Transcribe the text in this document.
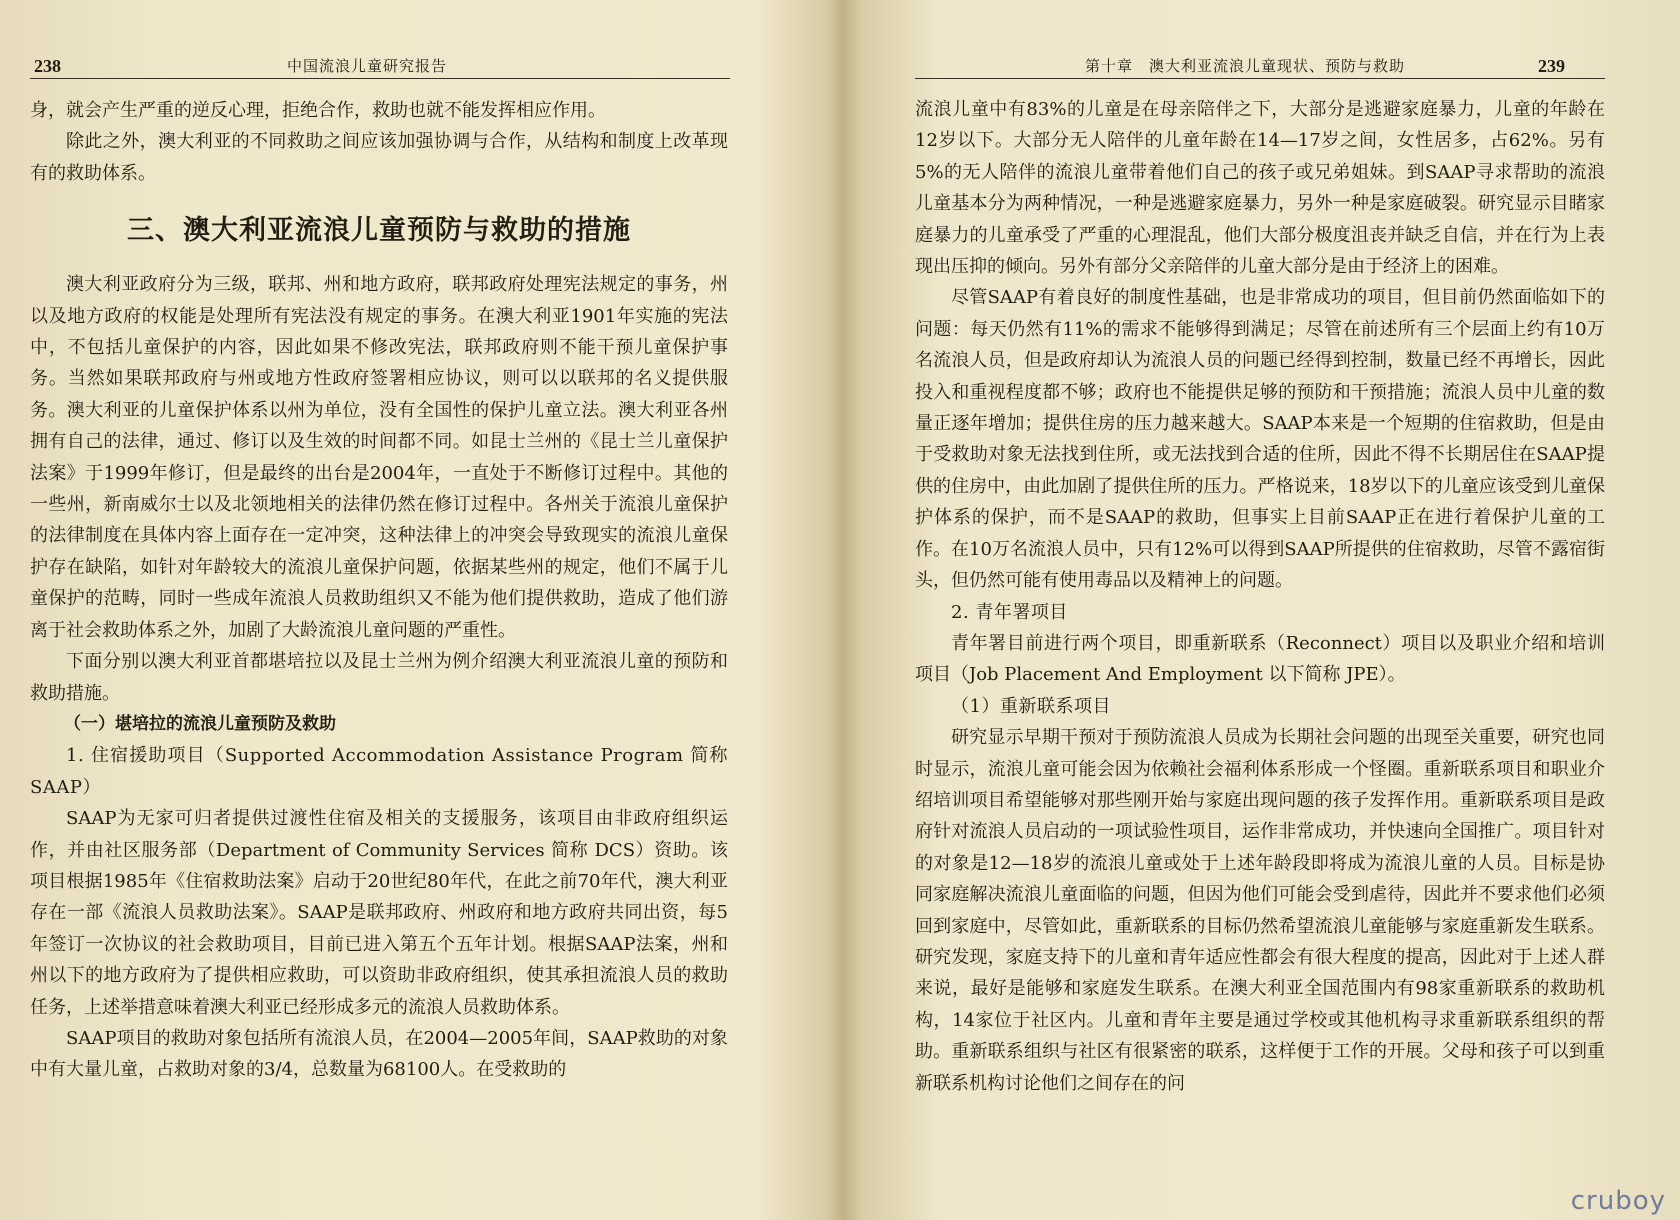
238	中国流浪儿童研究报告

身，就会产生严重的逆反心理，拒绝合作，救助也就不能发挥相应作用。

除此之外，澳大利亚的不同救助之间应该加强协调与合作，从结构和制度上改革现有的救助体系。

三、澳大利亚流浪儿童预防与救助的措施

澳大利亚政府分为三级，联邦、州和地方政府，联邦政府处理宪法规定的事务，州以及地方政府的权能是处理所有宪法没有规定的事务。在澳大利亚1901年实施的宪法中，不包括儿童保护的内容，因此如果不修改宪法，联邦政府则不能干预儿童保护事务。当然如果联邦政府与州或地方性政府签署相应协议，则可以以联邦的名义提供服务。澳大利亚的儿童保护体系以州为单位，没有全国性的保护儿童立法。澳大利亚各州拥有自己的法律，通过、修订以及生效的时间都不同。如昆士兰州的《昆士兰儿童保护法案》于1999年修订，但是最终的出台是2004年，一直处于不断修订过程中。其他的一些州，新南威尔士以及北领地相关的法律仍然在修订过程中。各州关于流浪儿童保护的法律制度在具体内容上面存在一定冲突，这种法律上的冲突会导致现实的流浪儿童保护存在缺陷，如针对年龄较大的流浪儿童保护问题，依据某些州的规定，他们不属于儿童保护的范畴，同时一些成年流浪人员救助组织又不能为他们提供救助，造成了他们游离于社会救助体系之外，加剧了大龄流浪儿童问题的严重性。

下面分别以澳大利亚首都堪培拉以及昆士兰州为例介绍澳大利亚流浪儿童的预防和救助措施。

（一）堪培拉的流浪儿童预防及救助

1. 住宿援助项目（Supported Accommodation Assistance Program 简称 SAAP）

SAAP为无家可归者提供过渡性住宿及相关的支援服务，该项目由非政府组织运作，并由社区服务部（Department of Community Services 简称 DCS）资助。该项目根据1985年《住宿救助法案》启动于20世纪80年代，在此之前70年代，澳大利亚存在一部《流浪人员救助法案》。SAAP是联邦政府、州政府和地方政府共同出资，每5年签订一次协议的社会救助项目，目前已进入第五个五年计划。根据SAAP法案，州和州以下的地方政府为了提供相应救助，可以资助非政府组织，使其承担流浪人员的救助任务，上述举措意味着澳大利亚已经形成多元的流浪人员救助体系。

SAAP项目的救助对象包括所有流浪人员，在2004—2005年间，SAAP救助的对象中有大量儿童，占救助对象的3/4，总数量为68100人。在受救助的

第十章　澳大利亚流浪儿童现状、预防与救助	239

流浪儿童中有83%的儿童是在母亲陪伴之下，大部分是逃避家庭暴力，儿童的年龄在12岁以下。大部分无人陪伴的儿童年龄在14—17岁之间，女性居多，占62%。另有5%的无人陪伴的流浪儿童带着他们自己的孩子或兄弟姐妹。到SAAP寻求帮助的流浪儿童基本分为两种情况，一种是逃避家庭暴力，另外一种是家庭破裂。研究显示目睹家庭暴力的儿童承受了严重的心理混乱，他们大部分极度沮丧并缺乏自信，并在行为上表现出压抑的倾向。另外有部分父亲陪伴的儿童大部分是由于经济上的困难。

尽管SAAP有着良好的制度性基础，也是非常成功的项目，但目前仍然面临如下的问题：每天仍然有11%的需求不能够得到满足；尽管在前述所有三个层面上约有10万名流浪人员，但是政府却认为流浪人员的问题已经得到控制，数量已经不再增长，因此投入和重视程度都不够；政府也不能提供足够的预防和干预措施；流浪人员中儿童的数量正逐年增加；提供住房的压力越来越大。SAAP本来是一个短期的住宿救助，但是由于受救助对象无法找到住所，或无法找到合适的住所，因此不得不长期居住在SAAP提供的住房中，由此加剧了提供住所的压力。严格说来，18岁以下的儿童应该受到儿童保护体系的保护，而不是SAAP的救助，但事实上目前SAAP正在进行着保护儿童的工作。在10万名流浪人员中，只有12%可以得到SAAP所提供的住宿救助，尽管不露宿街头，但仍然可能有使用毒品以及精神上的问题。

2. 青年署项目

青年署目前进行两个项目，即重新联系（Reconnect）项目以及职业介绍和培训项目（Job Placement And Employment 以下简称 JPE）。

（1）重新联系项目

研究显示早期干预对于预防流浪人员成为长期社会问题的出现至关重要，研究也同时显示，流浪儿童可能会因为依赖社会福利体系形成一个怪圈。重新联系项目和职业介绍培训项目希望能够对那些刚开始与家庭出现问题的孩子发挥作用。重新联系项目是政府针对流浪人员启动的一项试验性项目，运作非常成功，并快速向全国推广。项目针对的对象是12—18岁的流浪儿童或处于上述年龄段即将成为流浪儿童的人员。目标是协同家庭解决流浪儿童面临的问题，但因为他们可能会受到虐待，因此并不要求他们必须回到家庭中，尽管如此，重新联系的目标仍然希望流浪儿童能够与家庭重新发生联系。研究发现，家庭支持下的儿童和青年适应性都会有很大程度的提高，因此对于上述人群来说，最好是能够和家庭发生联系。在澳大利亚全国范围内有98家重新联系的救助机构，14家位于社区内。儿童和青年主要是通过学校或其他机构寻求重新联系组织的帮助。重新联系组织与社区有很紧密的联系，这样便于工作的开展。父母和孩子可以到重新联系机构讨论他们之间存在的问

cruboy
